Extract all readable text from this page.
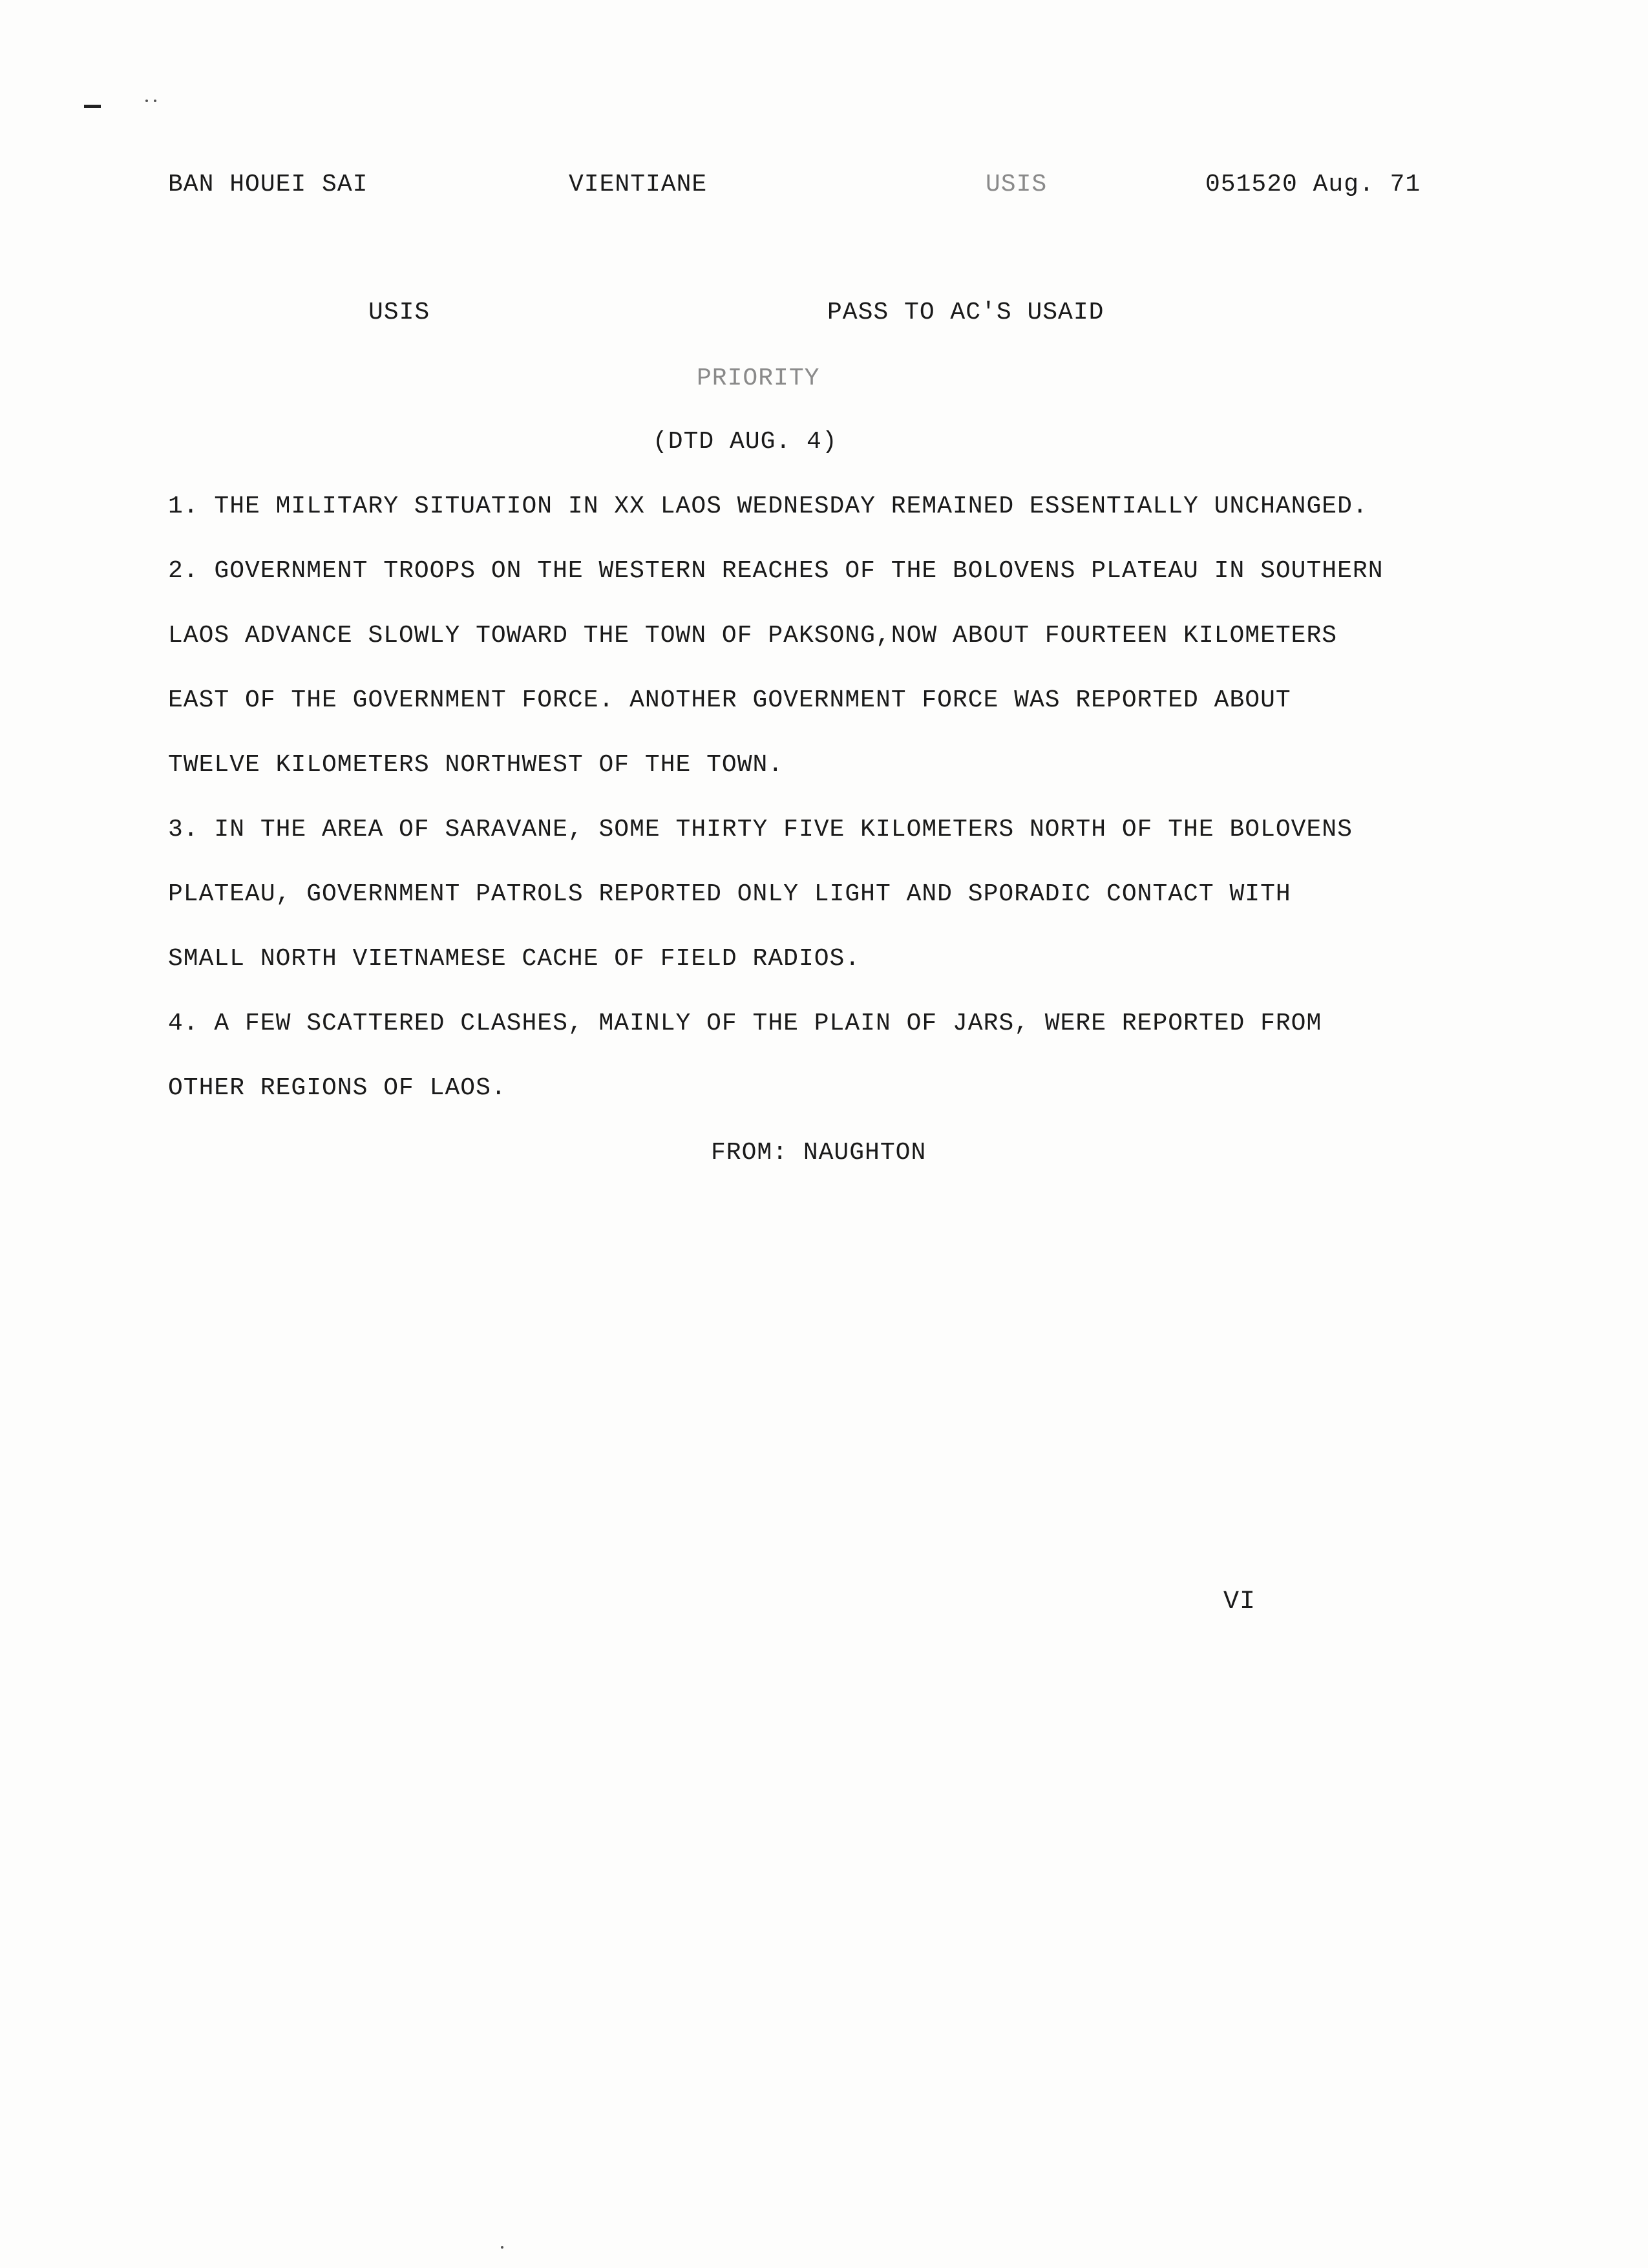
BAN HOUEI SAI	VIENTIANE	USIS	051520 Aug. 71
USIS	PASS TO AC'S USAID
PRIORITY
(DTD AUG. 4)
1. THE MILITARY SITUATION IN XX LAOS WEDNESDAY REMAINED ESSENTIALLY UNCHANGED.
2. GOVERNMENT TROOPS ON THE WESTERN REACHES OF THE BOLOVENS PLATEAU IN SOUTHERN
LAOS ADVANCE SLOWLY TOWARD THE TOWN OF PAKSONG,NOW ABOUT FOURTEEN KILOMETERS
EAST OF THE GOVERNMENT FORCE. ANOTHER GOVERNMENT FORCE WAS REPORTED ABOUT
TWELVE KILOMETERS NORTHWEST OF THE TOWN.
3. IN THE AREA OF SARAVANE, SOME THIRTY FIVE KILOMETERS NORTH OF THE BOLOVENS
PLATEAU, GOVERNMENT PATROLS REPORTED ONLY LIGHT AND SPORADIC CONTACT WITH
SMALL NORTH VIETNAMESE CACHE OF FIELD RADIOS.
4. A FEW SCATTERED CLASHES, MAINLY OF THE PLAIN OF JARS, WERE REPORTED FROM
OTHER REGIONS OF LAOS.
FROM: NAUGHTON
VI
